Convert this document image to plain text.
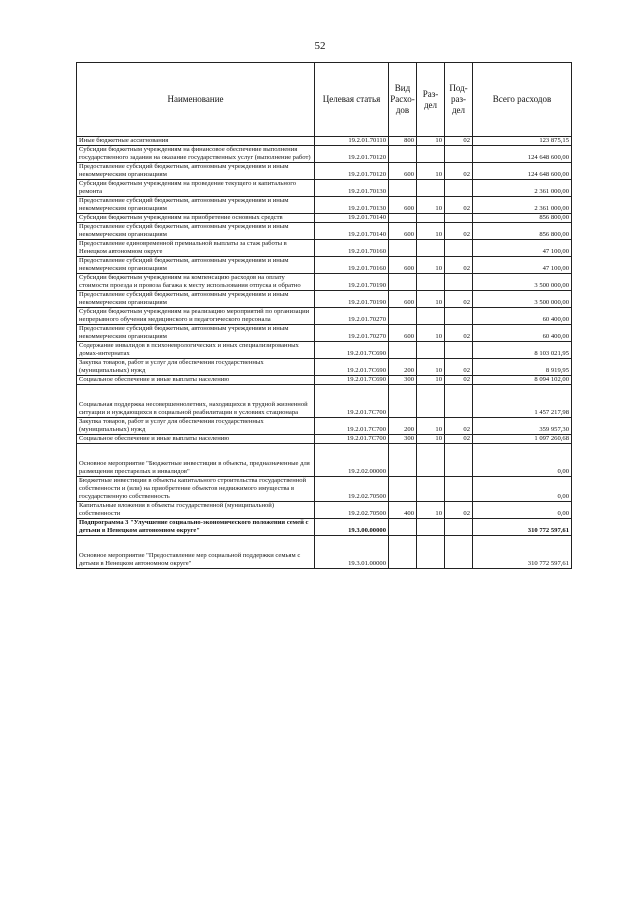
52
Наименование	Целевая статья	Вид Расхо-дов	Раз-дел	Под-раз-дел	Всего расходов
Иные бюджетные ассигнования	19.2.01.70110	800	10	02	123 875,15
Субсидии бюджетным учреждениям на финансовое обеспечение выполнения государственного задания на оказание государственных услуг (выполнение работ)	19.2.01.70120				124 648 600,00
Предоставление субсидий бюджетным, автономным учреждениям и иным некоммерческим организациям	19.2.01.70120	600	10	02	124 648 600,00
Субсидии бюджетным учреждениям на проведение текущего и капитального ремонта	19.2.01.70130				2 361 000,00
Предоставление субсидий бюджетным, автономным учреждениям и иным некоммерческим организациям	19.2.01.70130	600	10	02	2 361 000,00
Субсидии бюджетным учреждениям на приобретение основных средств	19.2.01.70140				856 800,00
Предоставление субсидий бюджетным, автономным учреждениям и иным некоммерческим организациям	19.2.01.70140	600	10	02	856 800,00
Предоставление единовременной премиальной выплаты за стаж работы в Ненецком автономном округе	19.2.01.70160				47 100,00
Предоставление субсидий бюджетным, автономным учреждениям и иным некоммерческим организациям	19.2.01.70160	600	10	02	47 100,00
Субсидии бюджетным учреждениям на компенсацию расходов на оплату стоимости проезда и провоза багажа к месту использования отпуска и обратно	19.2.01.70190				3 500 000,00
Предоставление субсидий бюджетным, автономным учреждениям и иным некоммерческим организациям	19.2.01.70190	600	10	02	3 500 000,00
Субсидии бюджетным учреждениям на реализацию мероприятий по организации непрерывного обучения медицинского и педагогического персонала	19.2.01.70270				60 400,00
Предоставление субсидий бюджетным, автономным учреждениям и иным некоммерческим организациям	19.2.01.70270	600	10	02	60 400,00
Содержание инвалидов в психоневрологических и иных специализированных домах-интернатах	19.2.01.7С690				8 103 021,95
Закупка товаров, работ и услуг для обеспечения государственных (муниципальных) нужд	19.2.01.7С690	200	10	02	8 919,95
Социальное обеспечение и иные выплаты населению	19.2.01.7С690	300	10	02	8 094 102,00
Социальная поддержка несовершеннолетних, находящихся в трудной жизненной ситуации и нуждающихся в социальной реабилитации в условиях стационара	19.2.01.7С700				1 457 217,98
Закупка товаров, работ и услуг для обеспечения государственных (муниципальных) нужд	19.2.01.7С700	200	10	02	359 957,30
Социальное обеспечение и иные выплаты населению	19.2.01.7С700	300	10	02	1 097 260,68
Основное мероприятие "Бюджетные инвестиции в объекты, предназначенные для размещения престарелых и инвалидов"	19.2.02.00000				0,00
Бюджетные инвестиции в объекты капитального строительства государственной собственности и (или) на приобретение объектов недвижимого имущества в государственную собственность	19.2.02.70500				0,00
Капитальные вложения в объекты государственной (муниципальной) собственности	19.2.02.70500	400	10	02	0,00
Подпрограмма 3 "Улучшение социально-экономического положения семей с детьми в Ненецком автономном округе"	19.3.00.00000				310 772 597,61
Основное мероприятие "Предоставление мер социальной поддержки семьям с детьми в Ненецком автономном округе"	19.3.01.00000				310 772 597,61
